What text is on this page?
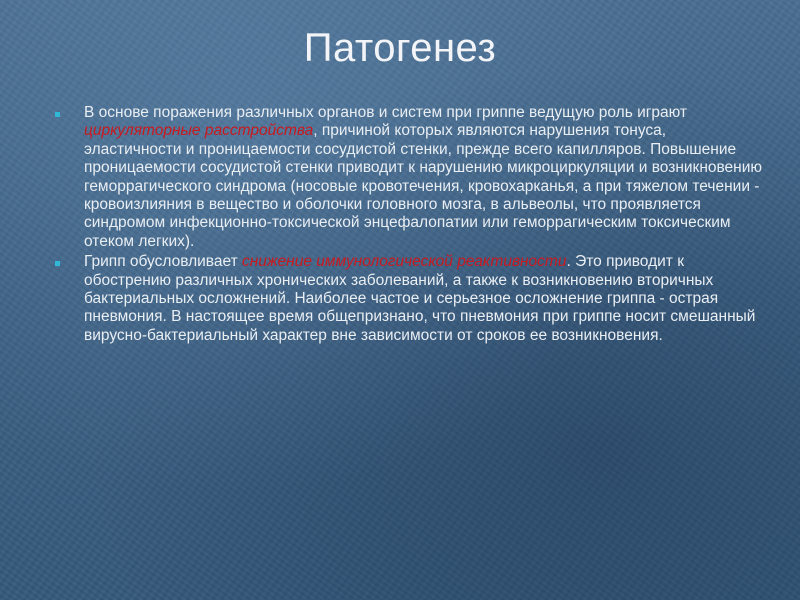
Патогенез
В основе поражения различных органов и систем при гриппе ведущую роль играют циркуляторные расстройства, причиной которых являются нарушения тонуса, эластичности и проницаемости сосудистой стенки, прежде всего капилляров. Повышение проницаемости сосудистой стенки приводит к нарушению микроциркуляции и возникновению геморрагического синдрома (носовые кровотечения, кровохарканья, а при тяжелом течении - кровоизлияния в вещество и оболочки головного мозга, в альвеолы, что проявляется синдромом инфекционно-токсической энцефалопатии или геморрагическим токсическим отеком легких).
Грипп обусловливает снижение иммунологической реактивности. Это приводит к обострению различных хронических заболеваний, а также к возникновению вторичных бактериальных осложнений. Наиболее частое и серьезное осложнение гриппа - острая пневмония. В настоящее время общепризнано, что пневмония при гриппе носит смешанный вирусно-бактериальный характер вне зависимости от сроков ее возникновения.
